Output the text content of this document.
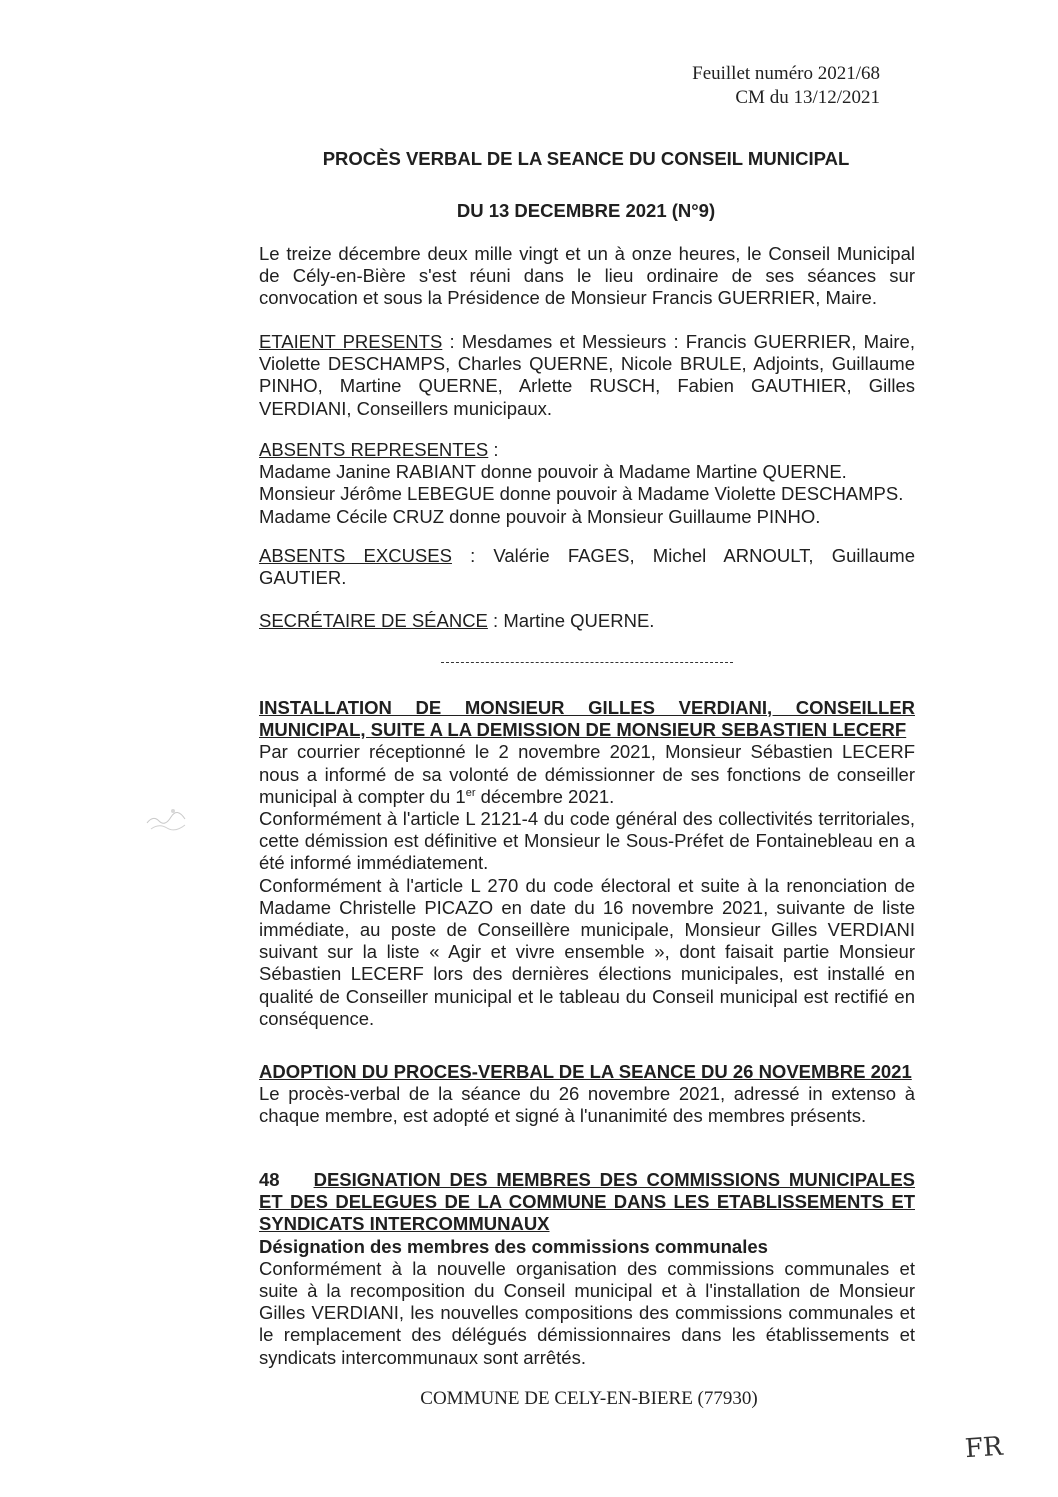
Feuillet numéro 2021/68
CM du 13/12/2021
PROCÈS VERBAL DE LA SEANCE DU CONSEIL MUNICIPAL
DU 13 DECEMBRE 2021 (N°9)
Le treize décembre deux mille vingt et un à onze heures, le Conseil Municipal de Cély-en-Bière s'est réuni dans le lieu ordinaire de ses séances sur convocation et sous la Présidence de Monsieur Francis GUERRIER, Maire.
ETAIENT PRESENTS : Mesdames et Messieurs : Francis GUERRIER, Maire, Violette DESCHAMPS, Charles QUERNE, Nicole BRULE, Adjoints, Guillaume PINHO, Martine QUERNE, Arlette RUSCH, Fabien GAUTHIER, Gilles VERDIANI, Conseillers municipaux.
ABSENTS REPRESENTES :
Madame Janine RABIANT donne pouvoir à Madame Martine QUERNE.
Monsieur Jérôme LEBEGUE donne pouvoir à Madame Violette DESCHAMPS.
Madame Cécile CRUZ donne pouvoir à Monsieur Guillaume PINHO.
ABSENTS EXCUSES : Valérie FAGES, Michel ARNOULT, Guillaume GAUTIER.
SECRÉTAIRE DE SÉANCE : Martine QUERNE.
INSTALLATION DE MONSIEUR GILLES VERDIANI, CONSEILLER MUNICIPAL, SUITE A LA DEMISSION DE MONSIEUR SEBASTIEN LECERF
Par courrier réceptionné le 2 novembre 2021, Monsieur Sébastien LECERF nous a informé de sa volonté de démissionner de ses fonctions de conseiller municipal à compter du 1er décembre 2021.
Conformément à l'article L 2121-4 du code général des collectivités territoriales, cette démission est définitive et Monsieur le Sous-Préfet de Fontainebleau en a été informé immédiatement.
Conformément à l'article L 270 du code électoral et suite à la renonciation de Madame Christelle PICAZO en date du 16 novembre 2021, suivante de liste immédiate, au poste de Conseillère municipale, Monsieur Gilles VERDIANI suivant sur la liste « Agir et vivre ensemble », dont faisait partie Monsieur Sébastien LECERF lors des dernières élections municipales, est installé en qualité de Conseiller municipal et le tableau du Conseil municipal est rectifié en conséquence.
ADOPTION DU PROCES-VERBAL DE LA SEANCE DU 26 NOVEMBRE 2021
Le procès-verbal de la séance du 26 novembre 2021, adressé in extenso à chaque membre, est adopté et signé à l'unanimité des membres présents.
48 DESIGNATION DES MEMBRES DES COMMISSIONS MUNICIPALES ET DES DELEGUES DE LA COMMUNE DANS LES ETABLISSEMENTS ET SYNDICATS INTERCOMMUNAUX
Désignation des membres des commissions communales
Conformément à la nouvelle organisation des commissions communales et suite à la recomposition du Conseil municipal et à l'installation de Monsieur Gilles VERDIANI, les nouvelles compositions des commissions communales et le remplacement des délégués démissionnaires dans les établissements et syndicats intercommunaux sont arrêtés.
COMMUNE DE CELY-EN-BIERE (77930)
FR
